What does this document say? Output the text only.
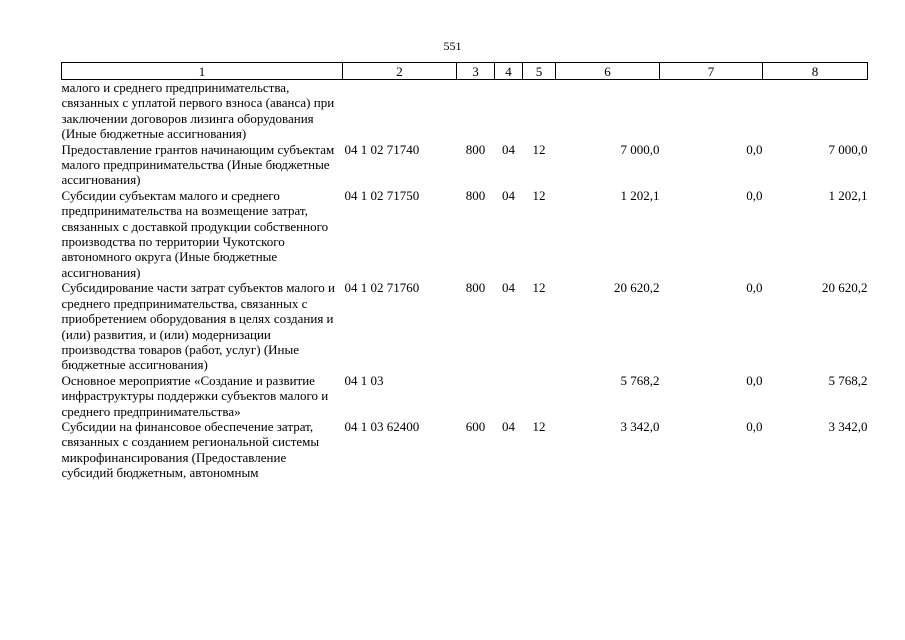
551
1	2	3	4	5	6	7	8
малого и среднего предпринимательства, связанных с уплатой первого взноса (аванса) при заключении договоров лизинга оборудования (Иные бюджетные ассигнования)							
Предоставление грантов начинающим субъектам малого предпринимательства (Иные бюджетные ассигнования)	04 1 02 71740	800	04	12	7 000,0	0,0	7 000,0
Субсидии субъектам малого и среднего предпринимательства на возмещение затрат, связанных с доставкой продукции собственного производства по территории Чукотского автономного округа (Иные бюджетные ассигнования)	04 1 02 71750	800	04	12	1 202,1	0,0	1 202,1
Субсидирование части затрат субъектов малого и среднего предпринимательства, связанных с приобретением оборудования в целях создания и (или) развития, и (или) модернизации производства товаров (работ, услуг) (Иные бюджетные ассигнования)	04 1 02 71760	800	04	12	20 620,2	0,0	20 620,2
Основное мероприятие «Создание и развитие инфраструктуры поддержки субъектов малого и среднего предпринимательства»	04 1 03				5 768,2	0,0	5 768,2
Субсидии на финансовое обеспечение затрат, связанных с созданием региональной системы микрофинансирования (Предоставление субсидий бюджетным, автономным	04 1 03 62400	600	04	12	3 342,0	0,0	3 342,0
